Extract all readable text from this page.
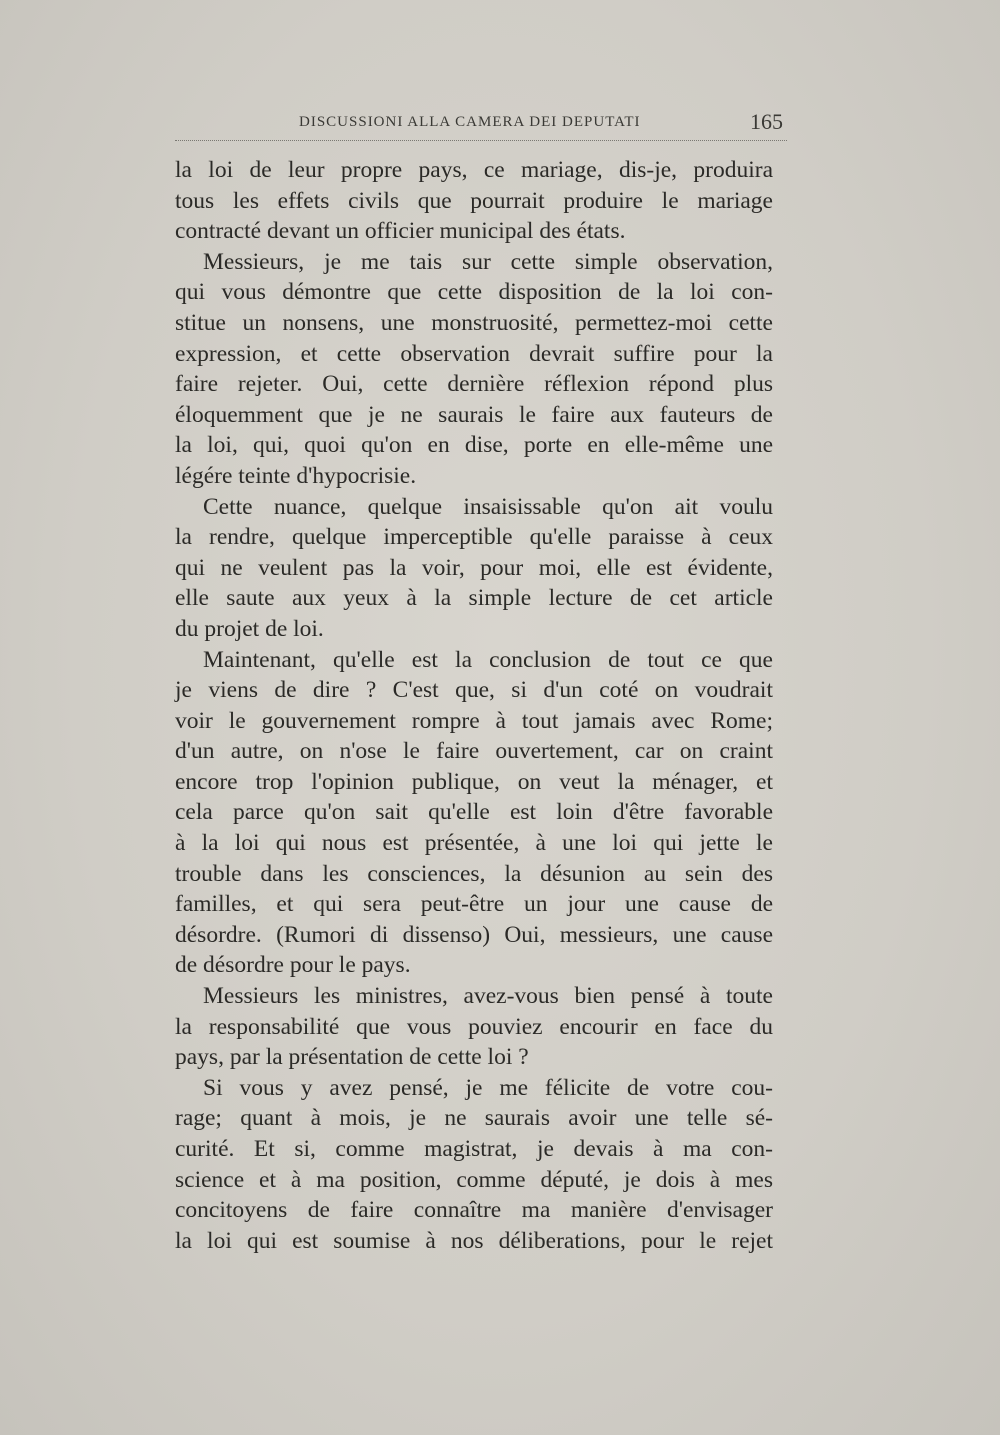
DISCUSSIONI ALLA CAMERA DEI DEPUTATI	165
la loi de leur propre pays, ce mariage, dis-je, produira
tous les effets civils que pourrait produire le mariage
contracté devant un officier municipal des états.
Messieurs, je me tais sur cette simple observation,
qui vous démontre que cette disposition de la loi con-
stitue un nonsens, une monstruosité, permettez-moi cette
expression, et cette observation devrait suffire pour la
faire rejeter. Oui, cette dernière réflexion répond plus
éloquemment que je ne saurais le faire aux fauteurs de
la loi, qui, quoi qu'on en dise, porte en elle-même une
légére teinte d'hypocrisie.
Cette nuance, quelque insaisissable qu'on ait voulu
la rendre, quelque imperceptible qu'elle paraisse à ceux
qui ne veulent pas la voir, pour moi, elle est évidente,
elle saute aux yeux à la simple lecture de cet article
du projet de loi.
Maintenant, qu'elle est la conclusion de tout ce que
je viens de dire ? C'est que, si d'un coté on voudrait
voir le gouvernement rompre à tout jamais avec Rome;
d'un autre, on n'ose le faire ouvertement, car on craint
encore trop l'opinion publique, on veut la ménager, et
cela parce qu'on sait qu'elle est loin d'être favorable
à la loi qui nous est présentée, à une loi qui jette le
trouble dans les consciences, la désunion au sein des
familles, et qui sera peut-être un jour une cause de
désordre. (Rumori di dissenso) Oui, messieurs, une cause
de désordre pour le pays.
Messieurs les ministres, avez-vous bien pensé à toute
la responsabilité que vous pouviez encourir en face du
pays, par la présentation de cette loi ?
Si vous y avez pensé, je me félicite de votre cou-
rage; quant à mois, je ne saurais avoir une telle sé-
curité. Et si, comme magistrat, je devais à ma con-
science et à ma position, comme député, je dois à mes
concitoyens de faire connaître ma manière d'envisager
la loi qui est soumise à nos déliberations, pour le rejet
